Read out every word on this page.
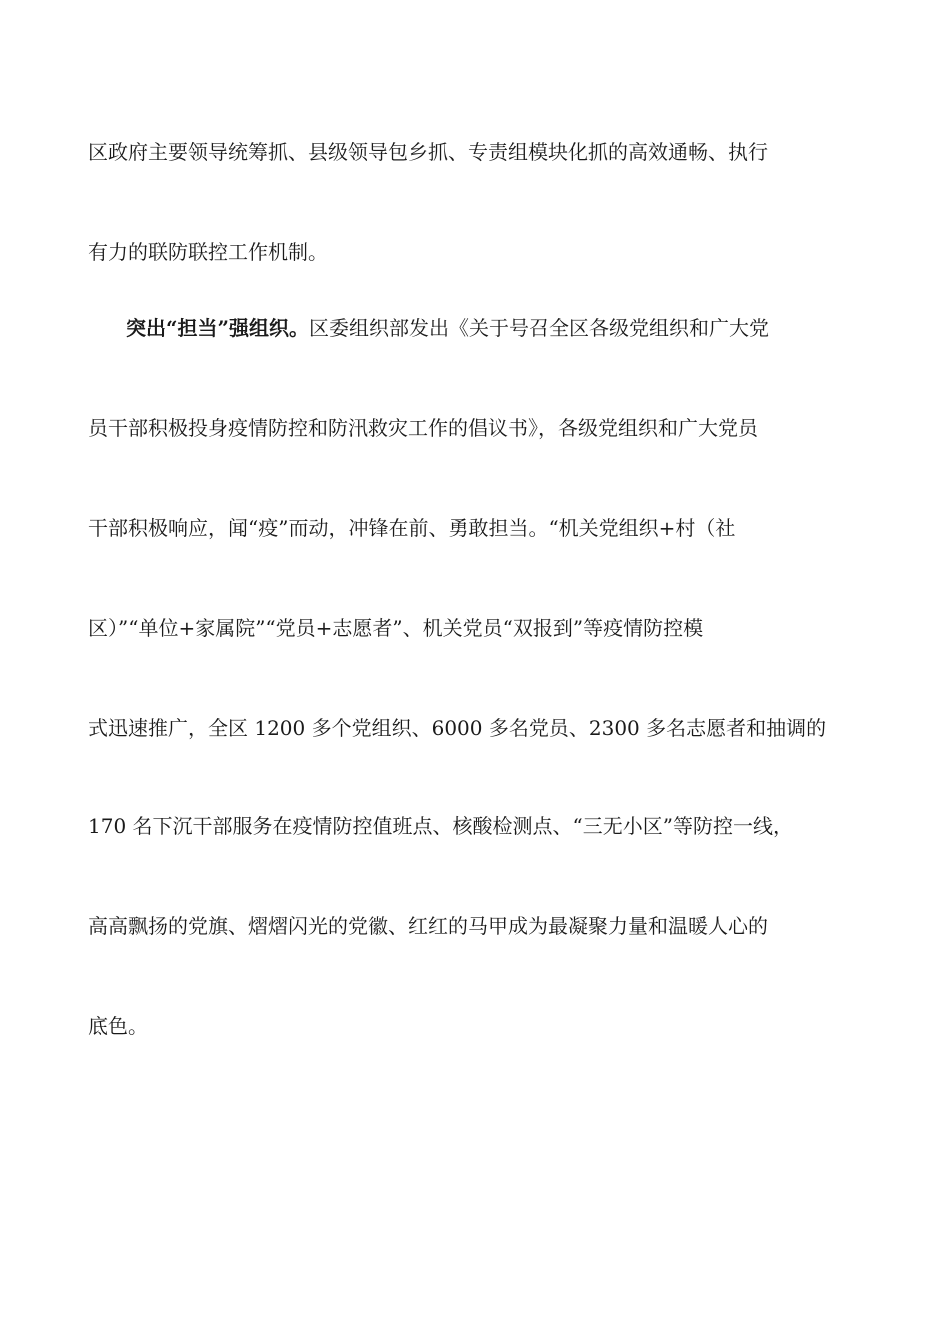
区政府主要领导统筹抓、县级领导包乡抓、专责组模块化抓的高效通畅、执行
有力的联防联控工作机制。
突出“担当”强组织。区委组织部发出《关于号召全区各级党组织和广大党
员干部积极投身疫情防控和防汛救灾工作的倡议书》，各级党组织和广大党员
干部积极响应，闻“疫”而动，冲锋在前、勇敢担当。“机关党组织+村（社
区）”“单位+家属院”“党员+志愿者”、机关党员“双报到”等疫情防控模
式迅速推广，全区 1200 多个党组织、6000 多名党员、2300 多名志愿者和抽调的
170 名下沉干部服务在疫情防控值班点、核酸检测点、“三无小区”等防控一线，
高高飘扬的党旗、熠熠闪光的党徽、红红的马甲成为最凝聚力量和温暖人心的
底色。
